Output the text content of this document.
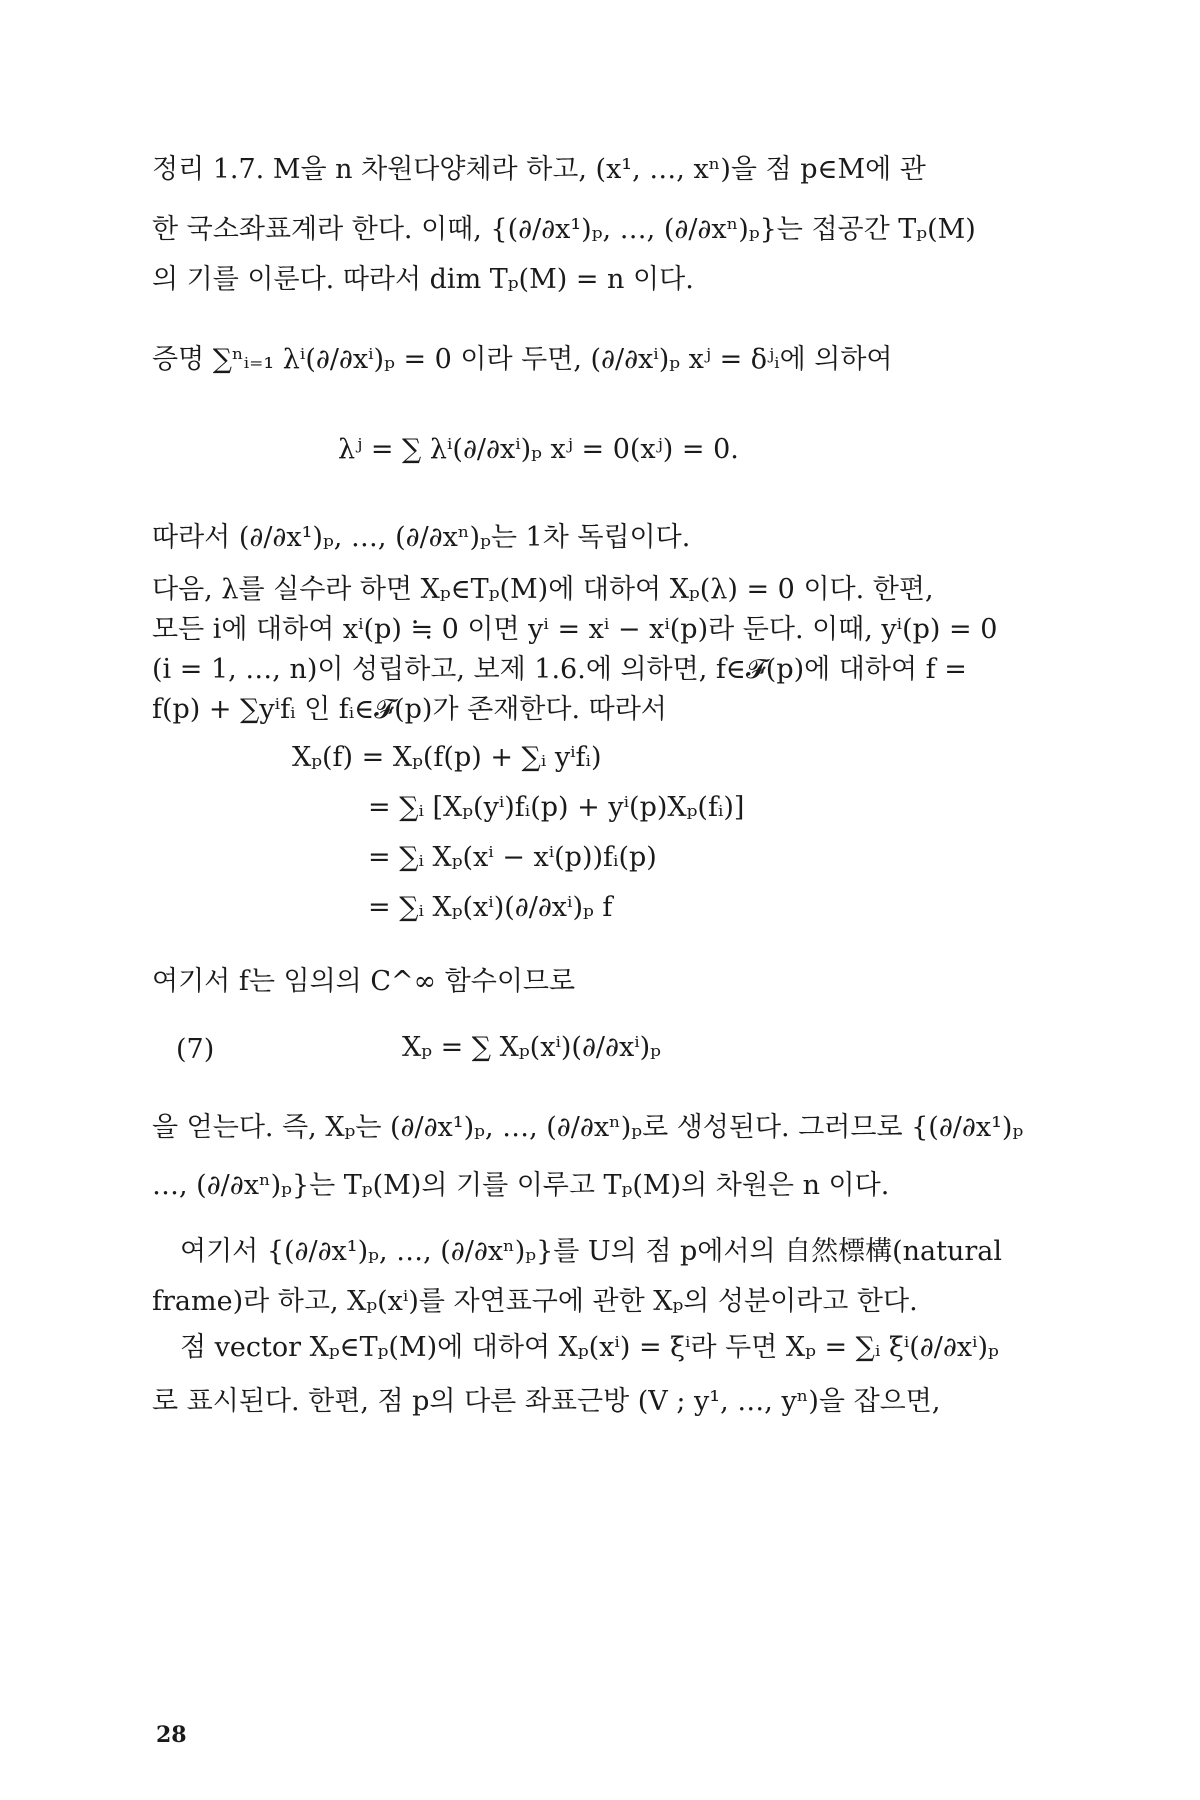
정리 1.7. M을 n 차원다양체라 하고, (x¹, …, xⁿ)을 점 p∈M에 관
한 국소좌표계라 한다. 이때, {(∂/∂x¹)ₚ, …, (∂/∂xⁿ)ₚ}는 접공간 Tₚ(M)
의 기를 이룬다. 따라서 dim Tₚ(M) = n 이다.
증명 ∑ⁿᵢ₌₁ λⁱ(∂/∂xⁱ)ₚ = 0 이라 두면, (∂/∂xⁱ)ₚ xʲ = δʲᵢ에 의하여
λʲ = ∑ λⁱ(∂/∂xⁱ)ₚ xʲ = 0(xʲ) = 0.
따라서 (∂/∂x¹)ₚ, …, (∂/∂xⁿ)ₚ는 1차 독립이다.
다음, λ를 실수라 하면 Xₚ∈Tₚ(M)에 대하여 Xₚ(λ) = 0 이다. 한편,
모든 i에 대하여 xⁱ(p) ≒ 0 이면 yⁱ = xⁱ − xⁱ(p)라 둔다. 이때, yⁱ(p) = 0
(i = 1, …, n)이 성립하고, 보제 1.6.에 의하면, f∈𝓕(p)에 대하여 f =
f(p) + ∑yⁱfᵢ 인 fᵢ∈𝓕(p)가 존재한다. 따라서
Xₚ(f) = Xₚ(f(p) + ∑ᵢ yⁱfᵢ)
= ∑ᵢ [Xₚ(yⁱ)fᵢ(p) + yⁱ(p)Xₚ(fᵢ)]
= ∑ᵢ Xₚ(xⁱ − xⁱ(p))fᵢ(p)
= ∑ᵢ Xₚ(xⁱ)(∂/∂xⁱ)ₚ f
여기서 f는 임의의 C^∞ 함수이므로
(7)	Xₚ = ∑ Xₚ(xⁱ)(∂/∂xⁱ)ₚ
을 얻는다. 즉, Xₚ는 (∂/∂x¹)ₚ, …, (∂/∂xⁿ)ₚ로 생성된다. 그러므로 {(∂/∂x¹)ₚ
…, (∂/∂xⁿ)ₚ}는 Tₚ(M)의 기를 이루고 Tₚ(M)의 차원은 n 이다.
여기서 {(∂/∂x¹)ₚ, …, (∂/∂xⁿ)ₚ}를 U의 점 p에서의 自然標構(natural
frame)라 하고, Xₚ(xⁱ)를 자연표구에 관한 Xₚ의 성분이라고 한다.
점 vector Xₚ∈Tₚ(M)에 대하여 Xₚ(xⁱ) = ξⁱ라 두면 Xₚ = ∑ᵢ ξⁱ(∂/∂xⁱ)ₚ
로 표시된다. 한편, 점 p의 다른 좌표근방 (V ; y¹, …, yⁿ)을 잡으면,
28
